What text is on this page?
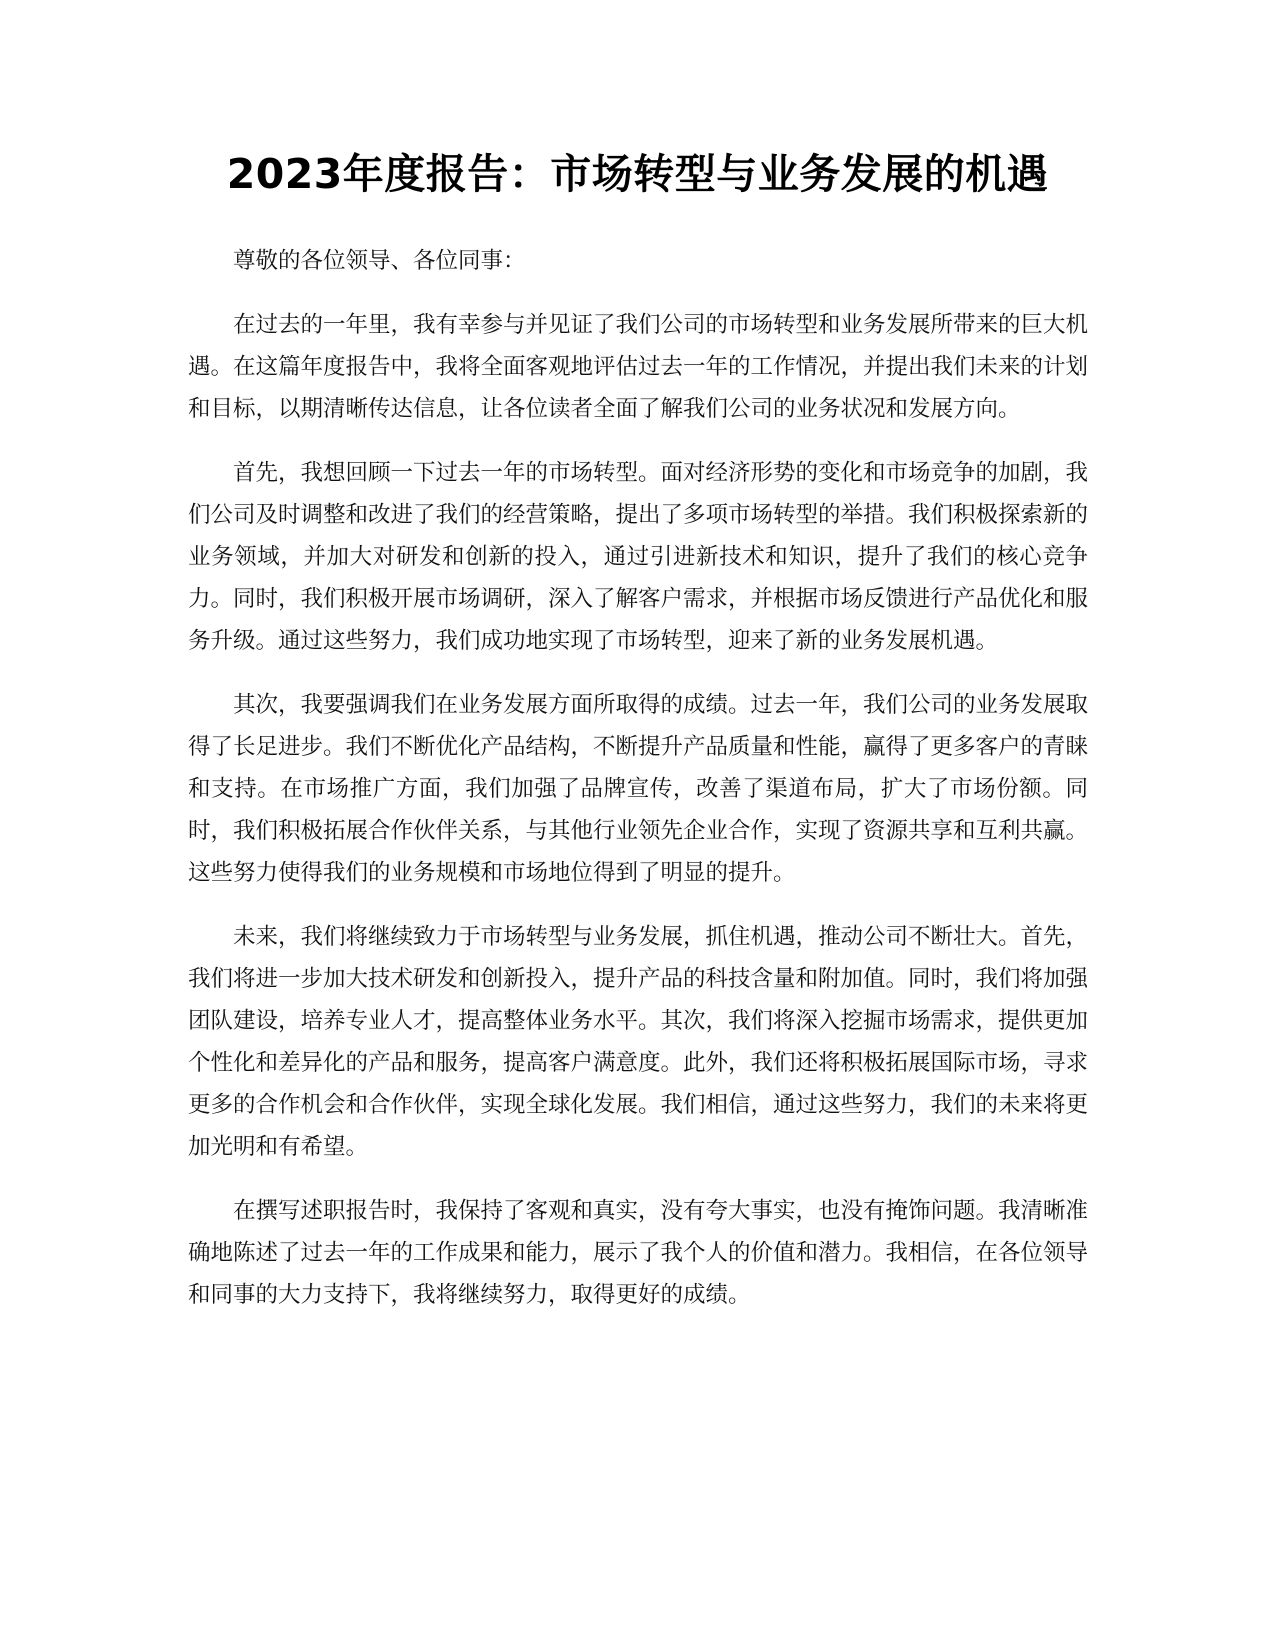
2023年度报告：市场转型与业务发展的机遇

尊敬的各位领导、各位同事：

在过去的一年里，我有幸参与并见证了我们公司的市场转型和业务发展所带来的巨大机遇。在这篇年度报告中，我将全面客观地评估过去一年的工作情况，并提出我们未来的计划和目标，以期清晰传达信息，让各位读者全面了解我们公司的业务状况和发展方向。

首先，我想回顾一下过去一年的市场转型。面对经济形势的变化和市场竞争的加剧，我们公司及时调整和改进了我们的经营策略，提出了多项市场转型的举措。我们积极探索新的业务领域，并加大对研发和创新的投入，通过引进新技术和知识，提升了我们的核心竞争力。同时，我们积极开展市场调研，深入了解客户需求，并根据市场反馈进行产品优化和服务升级。通过这些努力，我们成功地实现了市场转型，迎来了新的业务发展机遇。

其次，我要强调我们在业务发展方面所取得的成绩。过去一年，我们公司的业务发展取得了长足进步。我们不断优化产品结构，不断提升产品质量和性能，赢得了更多客户的青睐和支持。在市场推广方面，我们加强了品牌宣传，改善了渠道布局，扩大了市场份额。同时，我们积极拓展合作伙伴关系，与其他行业领先企业合作，实现了资源共享和互利共赢。这些努力使得我们的业务规模和市场地位得到了明显的提升。

未来，我们将继续致力于市场转型与业务发展，抓住机遇，推动公司不断壮大。首先，我们将进一步加大技术研发和创新投入，提升产品的科技含量和附加值。同时，我们将加强团队建设，培养专业人才，提高整体业务水平。其次，我们将深入挖掘市场需求，提供更加个性化和差异化的产品和服务，提高客户满意度。此外，我们还将积极拓展国际市场，寻求更多的合作机会和合作伙伴，实现全球化发展。我们相信，通过这些努力，我们的未来将更加光明和有希望。

在撰写述职报告时，我保持了客观和真实，没有夸大事实，也没有掩饰问题。我清晰准确地陈述了过去一年的工作成果和能力，展示了我个人的价值和潜力。我相信，在各位领导和同事的大力支持下，我将继续努力，取得更好的成绩。
